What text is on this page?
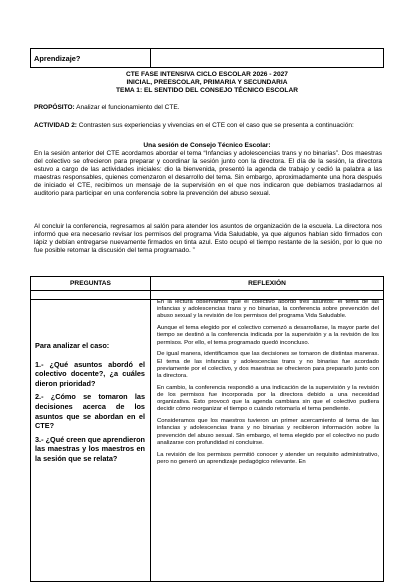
Aprendizaje?
CTE FASE INTENSIVA CICLO ESCOLAR 2026 - 2027
INICIAL, PREESCOLAR, PRIMARIA Y SECUNDARIA
TEMA 1: EL SENTIDO DEL CONSEJO TÉCNICO ESCOLAR
PROPÓSITO: Analizar el funcionamiento del CTE.
ACTIVIDAD 2: Contrasten sus experiencias y vivencias en el CTE con el caso que se presenta a continuación:
Una sesión de Consejo Técnico Escolar:
En la sesión anterior del CTE acordamos abordar el tema “Infancias y adolescencias trans y no binarias”. Dos maestras del colectivo se ofrecieron para preparar y coordinar la sesión junto con la directora. El día de la sesión, la directora estuvo a cargo de las actividades iniciales: dio la bienvenida, presentó la agenda de trabajo y cedió la palabra a las maestras responsables, quienes comenzaron el desarrollo del tema. Sin embargo, aproximadamente una hora después de iniciado el CTE, recibimos un mensaje de la supervisión en el que nos indicaron que debíamos trasladarnos al auditorio para participar en una conferencia sobre la prevención del abuso sexual.
Al concluir la conferencia, regresamos al salón para atender los asuntos de organización de la escuela. La directora nos informó que era necesario revisar los permisos del programa Vida Saludable, ya que algunos habían sido firmados con lápiz y debían entregarse nuevamente firmados en tinta azul. Esto ocupó el tiempo restante de la sesión, por lo que no fue posible retomar la discusión del tema programado. ”
PREGUNTAS	REFLEXIÓN
Para analizar el caso:
1.- ¿Qué asuntos abordó el colectivo docente?, ¿a cuáles dieron prioridad?
2.- ¿Cómo se tomaron las decisiones acerca de los asuntos que se abordan en el CTE?
3.- ¿Qué creen que aprendieron las maestras y los maestros en la sesión que se relata?

En la lectura observamos que el colectivo abordó tres asuntos: el tema de las infancias y adolescencias trans y no binarias, la conferencia sobre prevención del abuso sexual y la revisión de los permisos del programa Vida Saludable.

Aunque el tema elegido por el colectivo comenzó a desarrollarse, la mayor parte del tiempo se destinó a la conferencia indicada por la supervisión y a la revisión de los permisos. Por ello, el tema programado quedó inconcluso.

De igual manera, identificamos que las decisiones se tomaron de distintas maneras. El tema de las infancias y adolescencias trans y no binarias fue acordado previamente por el colectivo, y dos maestras se ofrecieron para prepararlo junto con la directora.

En cambio, la conferencia respondió a una indicación de la supervisión y la revisión de los permisos fue incorporada por la directora debido a una necesidad organizativa. Esto provocó que la agenda cambiara sin que el colectivo pudiera decidir cómo reorganizar el tiempo o cuándo retomaría el tema pendiente.

Consideramos que los maestros tuvieron un primer acercamiento al tema de las infancias y adolescencias trans y no binarias y recibieron información sobre la prevención del abuso sexual. Sin embargo, el tema elegido por el colectivo no pudo analizarse con profundidad ni concluirse.

La revisión de los permisos permitió conocer y atender un requisito administrativo, pero no generó un aprendizaje pedagógico relevante. En
